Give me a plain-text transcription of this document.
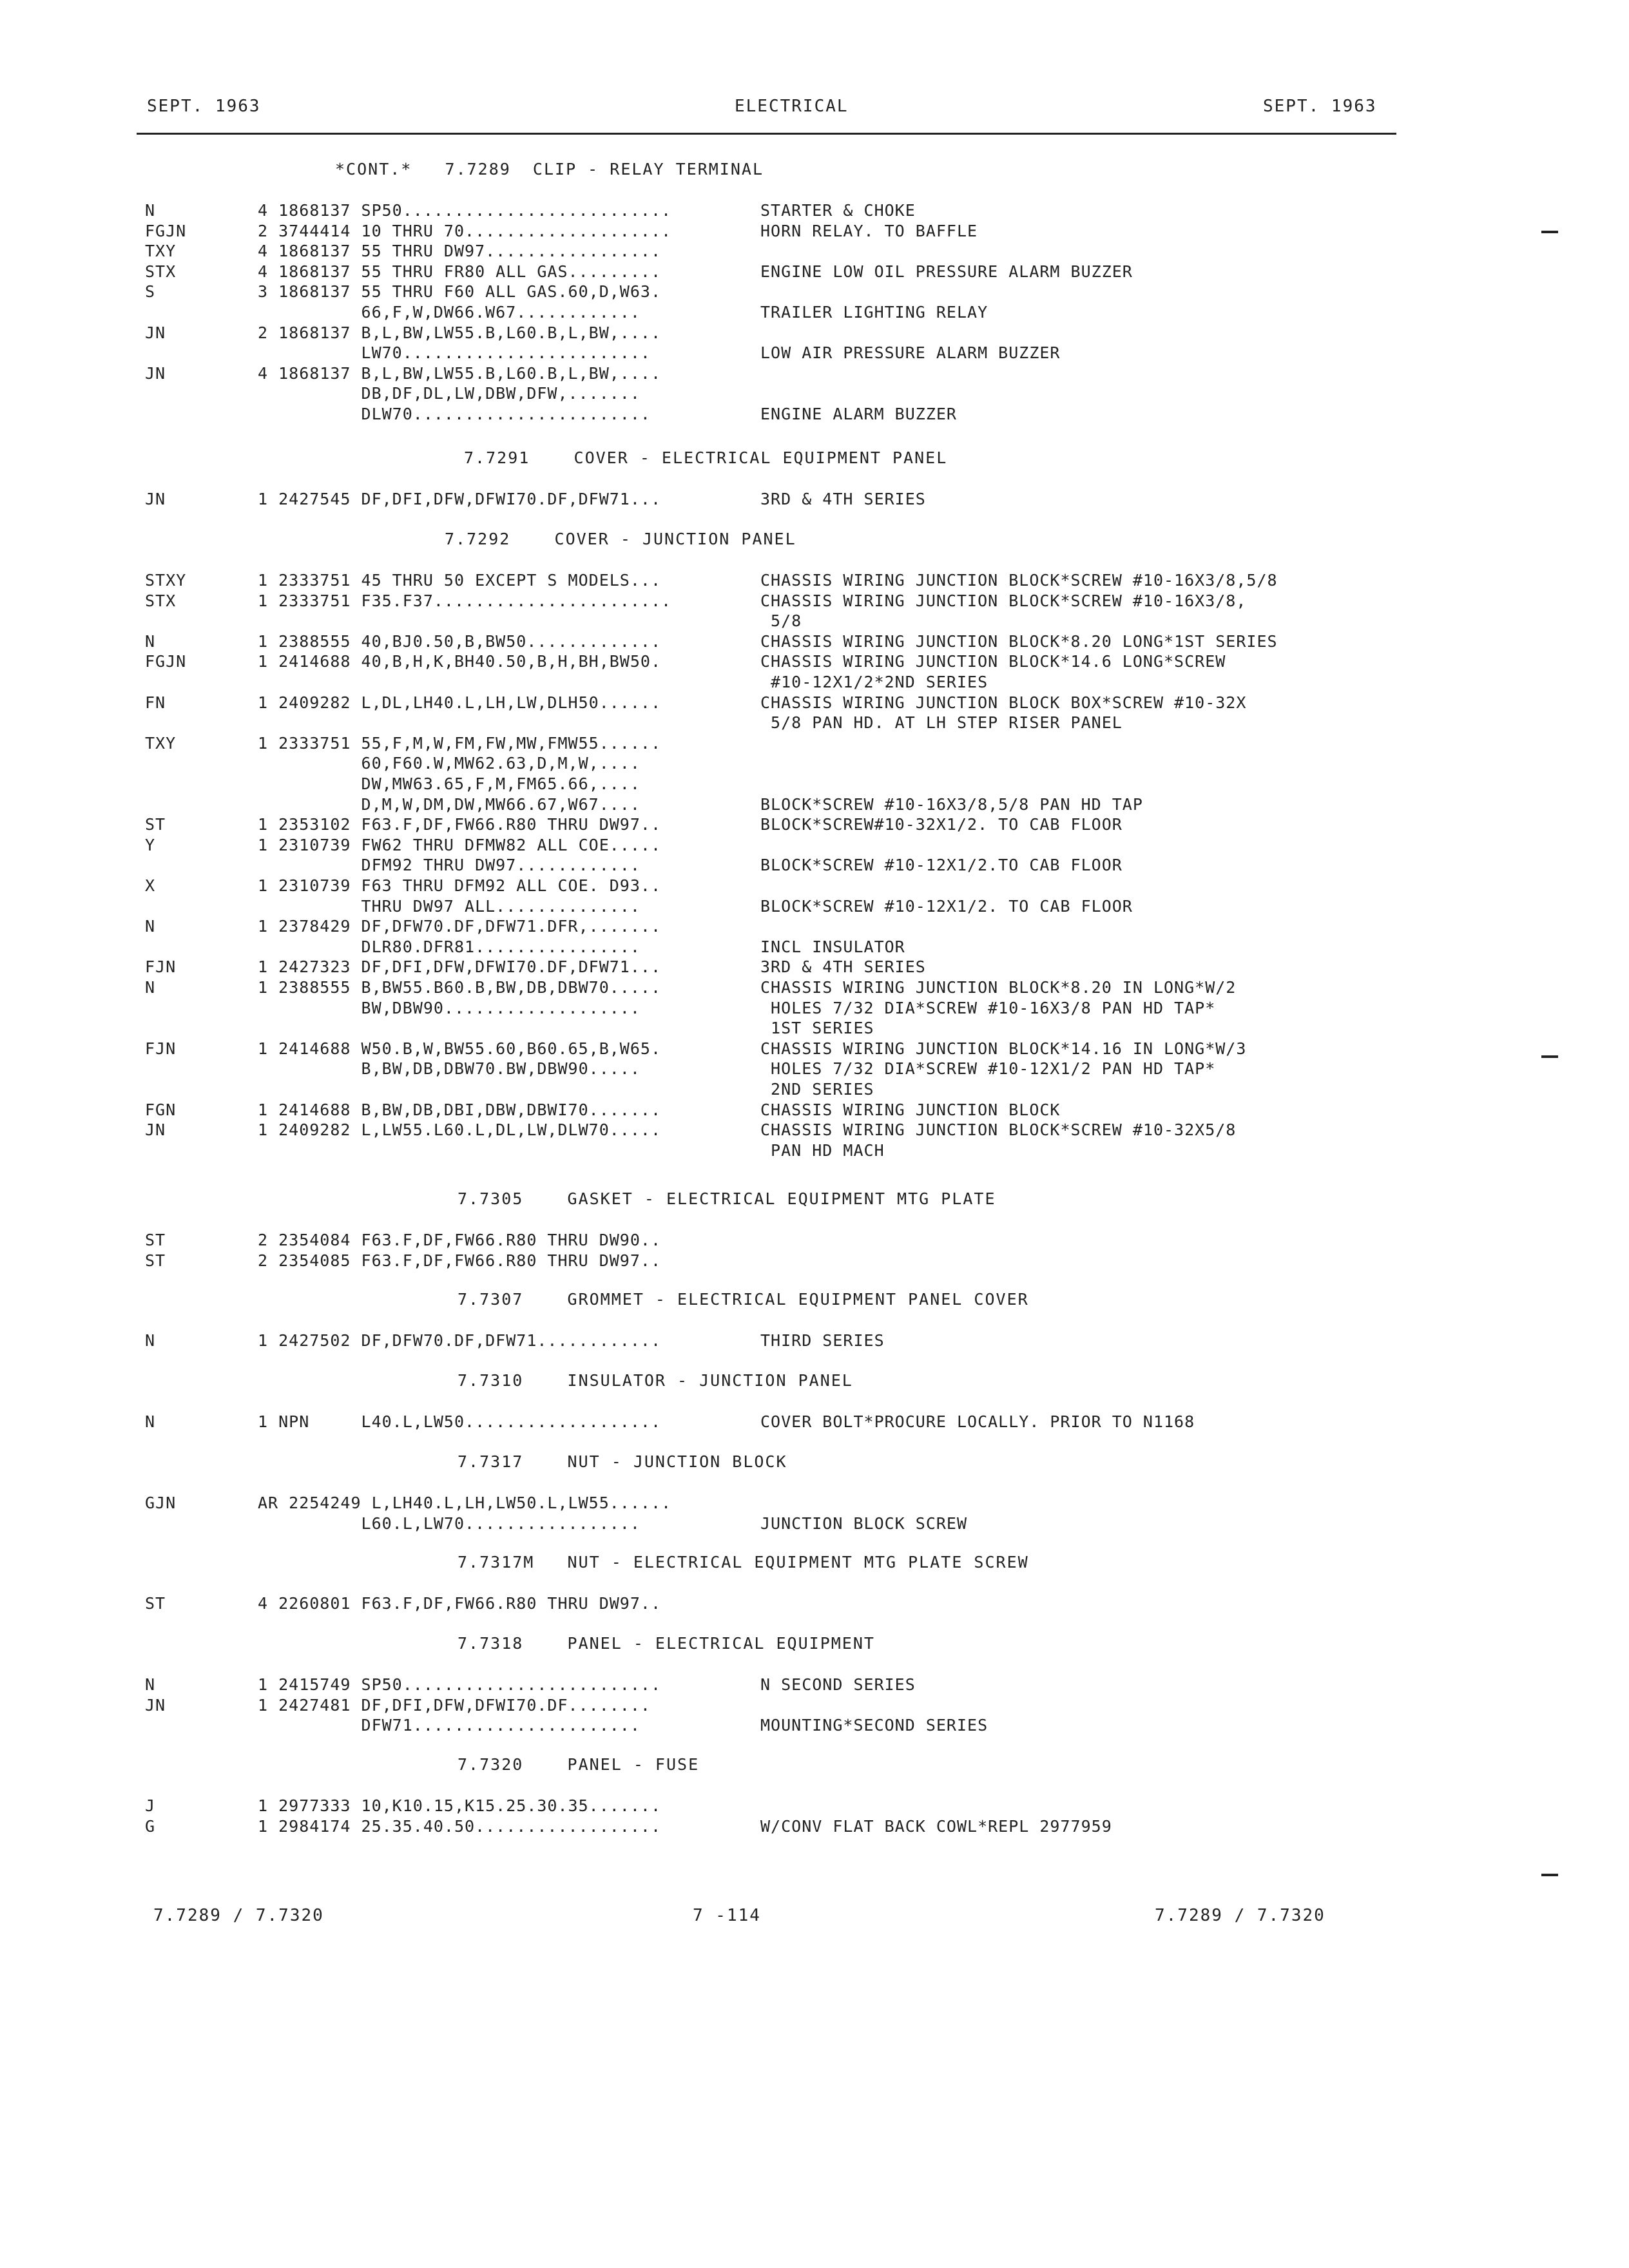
SEPT. 1963	ELECTRICAL	SEPT. 1963
*CONT.*   7.7289  CLIP - RELAY TERMINAL
N	4 1868137 SP50..........................	STARTER & CHOKE
FGJN	2 3744414 10 THRU 70....................	HORN RELAY. TO BAFFLE
TXY	4 1868137 55 THRU DW97.................
STX	4 1868137 55 THRU FR80 ALL GAS.........	ENGINE LOW OIL PRESSURE ALARM BUZZER
S	3 1868137 55 THRU F60 ALL GAS.60,D,W63.
66,F,W,DW66.W67............	TRAILER LIGHTING RELAY
JN	2 1868137 B,L,BW,LW55.B,L60.B,L,BW,....
LW70........................	LOW AIR PRESSURE ALARM BUZZER
JN	4 1868137 B,L,BW,LW55.B,L60.B,L,BW,....
DB,DF,DL,LW,DBW,DFW,.......
DLW70.......................	ENGINE ALARM BUZZER
7.7291    COVER - ELECTRICAL EQUIPMENT PANEL
JN	1 2427545 DF,DFI,DFW,DFWI70.DF,DFW71...	3RD & 4TH SERIES
7.7292    COVER - JUNCTION PANEL
STXY	1 2333751 45 THRU 50 EXCEPT S MODELS...	CHASSIS WIRING JUNCTION BLOCK*SCREW #10-16X3/8,5/8
STX	1 2333751 F35.F37.......................	CHASSIS WIRING JUNCTION BLOCK*SCREW #10-16X3/8,
5/8
N	1 2388555 40,BJ0.50,B,BW50.............	CHASSIS WIRING JUNCTION BLOCK*8.20 LONG*1ST SERIES
FGJN	1 2414688 40,B,H,K,BH40.50,B,H,BH,BW50.	CHASSIS WIRING JUNCTION BLOCK*14.6 LONG*SCREW
#10-12X1/2*2ND SERIES
FN	1 2409282 L,DL,LH40.L,LH,LW,DLH50......	CHASSIS WIRING JUNCTION BLOCK BOX*SCREW #10-32X
5/8 PAN HD. AT LH STEP RISER PANEL
TXY	1 2333751 55,F,M,W,FM,FW,MW,FMW55......
60,F60.W,MW62.63,D,M,W,....
DW,MW63.65,F,M,FM65.66,....
D,M,W,DM,DW,MW66.67,W67....	BLOCK*SCREW #10-16X3/8,5/8 PAN HD TAP
ST	1 2353102 F63.F,DF,FW66.R80 THRU DW97..	BLOCK*SCREW#10-32X1/2. TO CAB FLOOR
Y	1 2310739 FW62 THRU DFMW82 ALL COE.....
DFM92 THRU DW97............	BLOCK*SCREW #10-12X1/2.TO CAB FLOOR
X	1 2310739 F63 THRU DFM92 ALL COE. D93..
THRU DW97 ALL..............	BLOCK*SCREW #10-12X1/2. TO CAB FLOOR
N	1 2378429 DF,DFW70.DF,DFW71.DFR,.......
DLR80.DFR81................	INCL INSULATOR
FJN	1 2427323 DF,DFI,DFW,DFWI70.DF,DFW71...	3RD & 4TH SERIES
N	1 2388555 B,BW55.B60.B,BW,DB,DBW70.....	CHASSIS WIRING JUNCTION BLOCK*8.20 IN LONG*W/2
BW,DBW90...................	HOLES 7/32 DIA*SCREW #10-16X3/8 PAN HD TAP*
1ST SERIES
FJN	1 2414688 W50.B,W,BW55.60,B60.65,B,W65.	CHASSIS WIRING JUNCTION BLOCK*14.16 IN LONG*W/3
B,BW,DB,DBW70.BW,DBW90.....	HOLES 7/32 DIA*SCREW #10-12X1/2 PAN HD TAP*
2ND SERIES
FGN	1 2414688 B,BW,DB,DBI,DBW,DBWI70.......	CHASSIS WIRING JUNCTION BLOCK
JN	1 2409282 L,LW55.L60.L,DL,LW,DLW70.....	CHASSIS WIRING JUNCTION BLOCK*SCREW #10-32X5/8
PAN HD MACH
7.7305    GASKET - ELECTRICAL EQUIPMENT MTG PLATE
ST	2 2354084 F63.F,DF,FW66.R80 THRU DW90..
ST	2 2354085 F63.F,DF,FW66.R80 THRU DW97..
7.7307    GROMMET - ELECTRICAL EQUIPMENT PANEL COVER
N	1 2427502 DF,DFW70.DF,DFW71............	THIRD SERIES
7.7310    INSULATOR - JUNCTION PANEL
N	1 NPN     L40.L,LW50...................	COVER BOLT*PROCURE LOCALLY. PRIOR TO N1168
7.7317    NUT - JUNCTION BLOCK
GJN	AR 2254249 L,LH40.L,LH,LW50.L,LW55......
L60.L,LW70.................	JUNCTION BLOCK SCREW
7.7317M   NUT - ELECTRICAL EQUIPMENT MTG PLATE SCREW
ST	4 2260801 F63.F,DF,FW66.R80 THRU DW97..
7.7318    PANEL - ELECTRICAL EQUIPMENT
N	1 2415749 SP50.........................	N SECOND SERIES
JN	1 2427481 DF,DFI,DFW,DFWI70.DF........
DFW71......................	MOUNTING*SECOND SERIES
7.7320    PANEL - FUSE
J	1 2977333 10,K10.15,K15.25.30.35.......
G	1 2984174 25.35.40.50..................	W/CONV FLAT BACK COWL*REPL 2977959
7.7289 / 7.7320	7 -114	7.7289 / 7.7320
